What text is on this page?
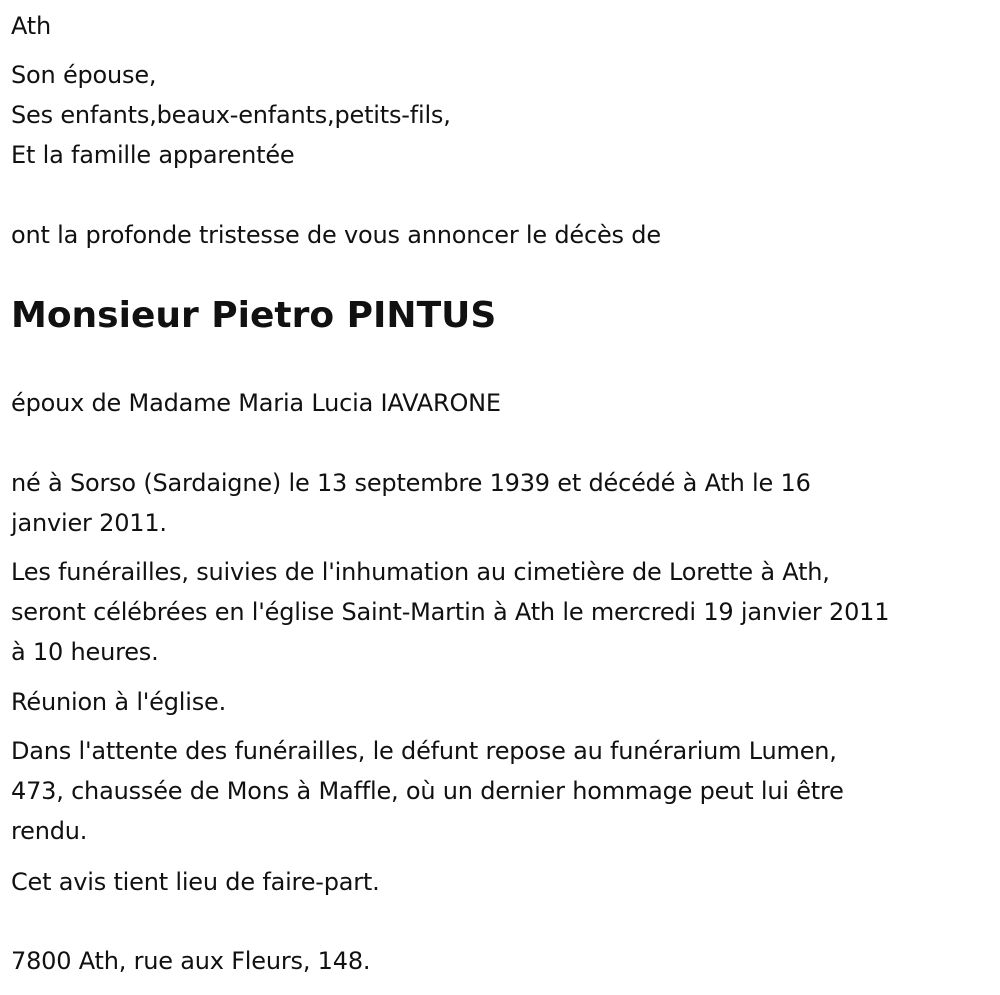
Ath
Son épouse,
Ses enfants,beaux-enfants,petits-fils,
Et la famille apparentée
ont la profonde tristesse de vous annoncer le décès de
Monsieur Pietro PINTUS
époux de Madame Maria Lucia IAVARONE
né à Sorso (Sardaigne) le 13 septembre 1939 et décédé à Ath le 16
janvier 2011.
Les funérailles, suivies de l'inhumation au cimetière de Lorette à Ath,
seront célébrées en l'église Saint-Martin à Ath le mercredi 19 janvier 2011
à 10 heures.
Réunion à l'église.
Dans l'attente des funérailles, le défunt repose au funérarium Lumen,
473, chaussée de Mons à Maffle, où un dernier hommage peut lui être
rendu.
Cet avis tient lieu de faire-part.
7800 Ath, rue aux Fleurs, 148.
